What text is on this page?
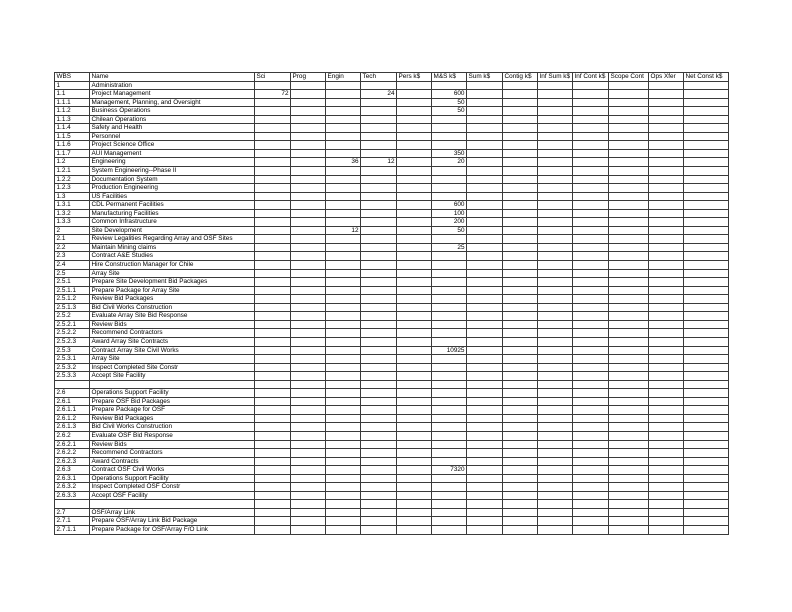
WBS	Name	Sci	Prog	Engin	Tech	Pers k$	M&S k$	Sum k$	Contig k$	Inf Sum k$	Inf Cont k$	Scope Cont	Ops Xfer	Net Const k$
1	Administration													
1.1	Project Management	72			24		600							
1.1.1	Management, Planning, and Oversight						50							
1.1.2	Business Operations						50							
1.1.3	Chilean Operations													
1.1.4	Safety and Health													
1.1.5	Personnel													
1.1.6	Project Science Office													
1.1.7	AUI Management						350							
1.2	Engineering			36	12		20							
1.2.1	System Engineering--Phase II													
1.2.2	Documentation System													
1.2.3	Production Engineering													
1.3	US Facilities													
1.3.1	CDL Permanent Facilities						600							
1.3.2	Manufacturing Facilities						100							
1.3.3	Common Infrastructure						200							
2	Site Development			12			50							
2.1	Review Legalities Regarding Array and OSF Sites													
2.2	Maintain Mining claims						25							
2.3	Contract A&E Studies													
2.4	Hire Construction Manager for Chile													
2.5	Array Site													
2.5.1	Prepare Site Development Bid Packages													
2.5.1.1	Prepare Package for Array Site													
2.5.1.2	Review Bid Packages													
2.5.1.3	Bid Civil Works Construction													
2.5.2	Evaluate Array Site Bid Response													
2.5.2.1	Review Bids													
2.5.2.2	Recommend Contractors													
2.5.2.3	Award Array Site Contracts													
2.5.3	Contract Array Site Civil Works						10925							
2.5.3.1	Array Site													
2.5.3.2	Inspect Completed Site Constr													
2.5.3.3	Accept Site Facility													

2.6	Operations Support Facility													
2.6.1	Prepare OSF Bid Packages													
2.6.1.1	Prepare Package for OSF													
2.6.1.2	Review Bid Packages													
2.6.1.3	Bid Civil Works Construction													
2.6.2	Evaluate OSF Bid Response													
2.6.2.1	Review Bids													
2.6.2.2	Recommend Contractors													
2.6.2.3	Award Contracts													
2.6.3	Contract OSF Civil Works						7320							
2.6.3.1	Operations Support Facility													
2.6.3.2	Inspect Completed OSF Constr													
2.6.3.3	Accept OSF Facility													

2.7	OSF/Array Link													
2.7.1	Prepare OSF/Array Link Bid Package													
2.7.1.1	Prepare Package for OSF/Array F/O Link													
